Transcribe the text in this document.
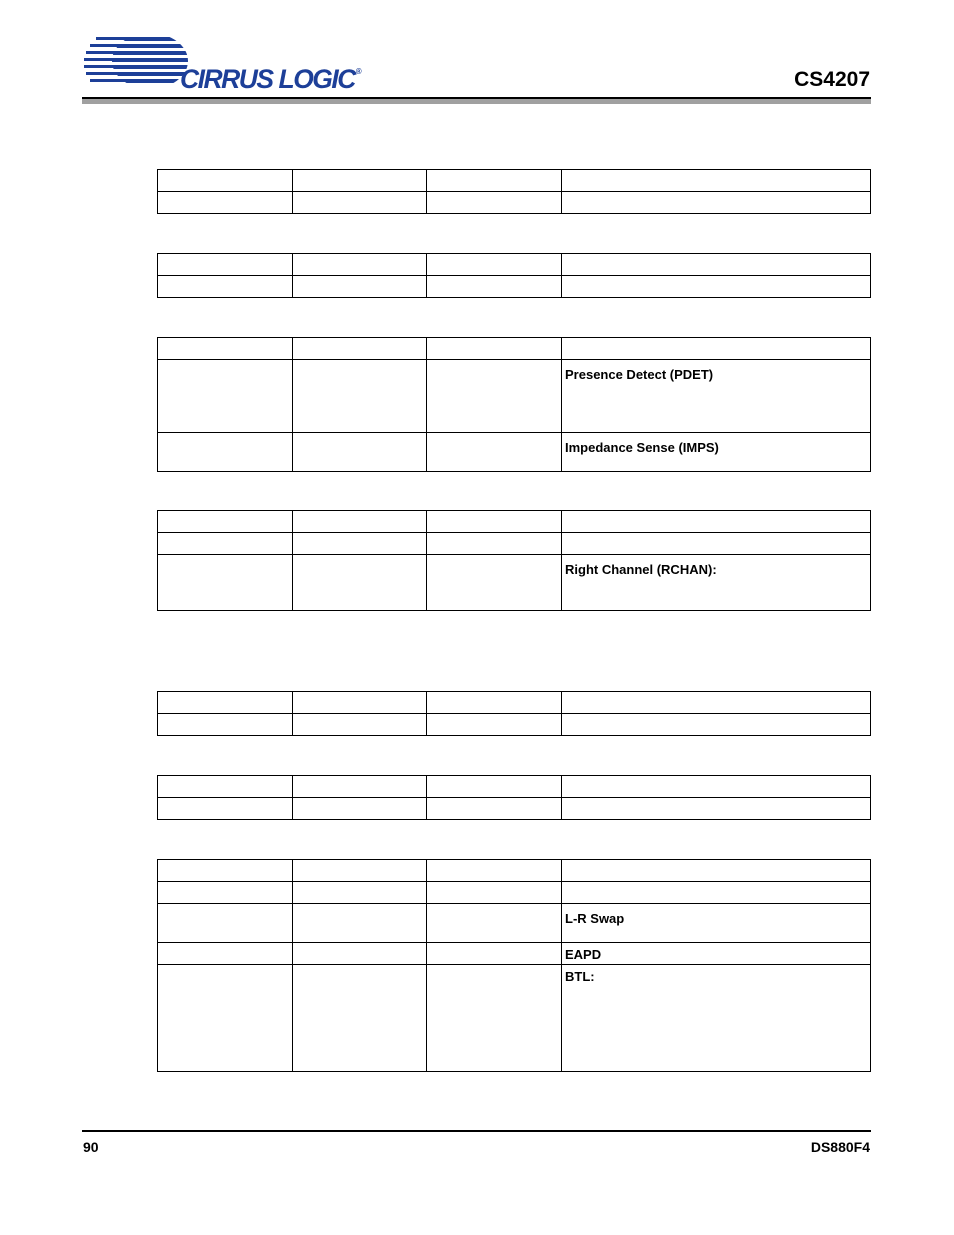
CIRRUS LOGIC®	CS4207

			Presence Detect (PDET)

			Impedance Sense (IMPS)

			Right Channel (RCHAN):

			L-R Swap

			EAPD

			BTL:
90	DS880F4
